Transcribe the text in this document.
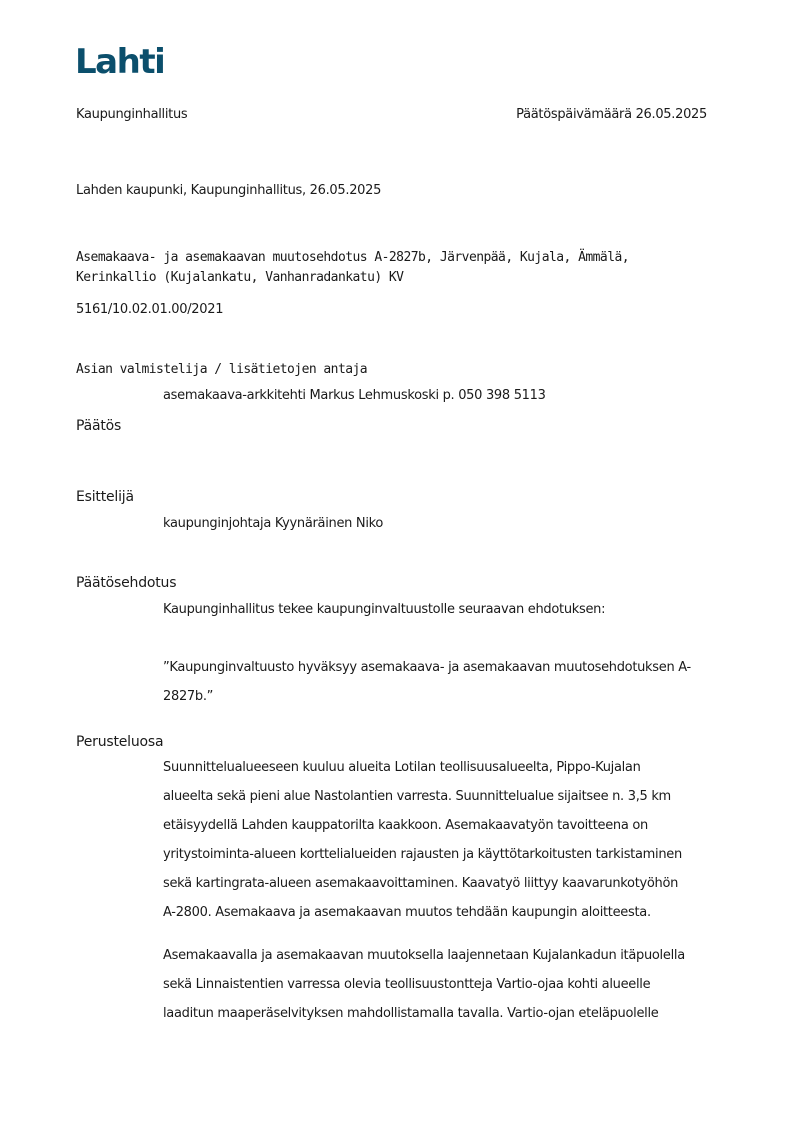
Lahti
Kaupunginhallitus	Päätöspäivämäärä 26.05.2025
Lahden kaupunki, Kaupunginhallitus, 26.05.2025
Asemakaava- ja asemakaavan muutosehdotus A-2827b, Järvenpää, Kujala, Ämmälä,
Kerinkallio (Kujalankatu, Vanhanradankatu) KV
5161/10.02.01.00/2021
Asian valmistelija / lisätietojen antaja
asemakaava-arkkitehti Markus Lehmuskoski p. 050 398 5113
Päätös
Esittelijä
kaupunginjohtaja Kyynäräinen Niko
Päätösehdotus
Kaupunginhallitus tekee kaupunginvaltuustolle seuraavan ehdotuksen:
”Kaupunginvaltuusto hyväksyy asemakaava- ja asemakaavan muutosehdotuksen A-
2827b.”
Perusteluosa
Suunnittelualueeseen kuuluu alueita Lotilan teollisuusalueelta, Pippo-Kujalan
alueelta sekä pieni alue Nastolantien varresta. Suunnittelualue sijaitsee n. 3,5 km
etäisyydellä Lahden kauppatorilta kaakkoon. Asemakaavatyön tavoitteena on
yritystoiminta-alueen korttelialueiden rajausten ja käyttötarkoitusten tarkistaminen
sekä kartingrata-alueen asemakaavoittaminen. Kaavatyö liittyy kaavarunkotyöhön
A-2800. Asemakaava ja asemakaavan muutos tehdään kaupungin aloitteesta.
Asemakaavalla ja asemakaavan muutoksella laajennetaan Kujalankadun itäpuolella
sekä Linnaistentien varressa olevia teollisuustontteja Vartio-ojaa kohti alueelle
laaditun maaperäselvityksen mahdollistamalla tavalla. Vartio-ojan eteläpuolelle
